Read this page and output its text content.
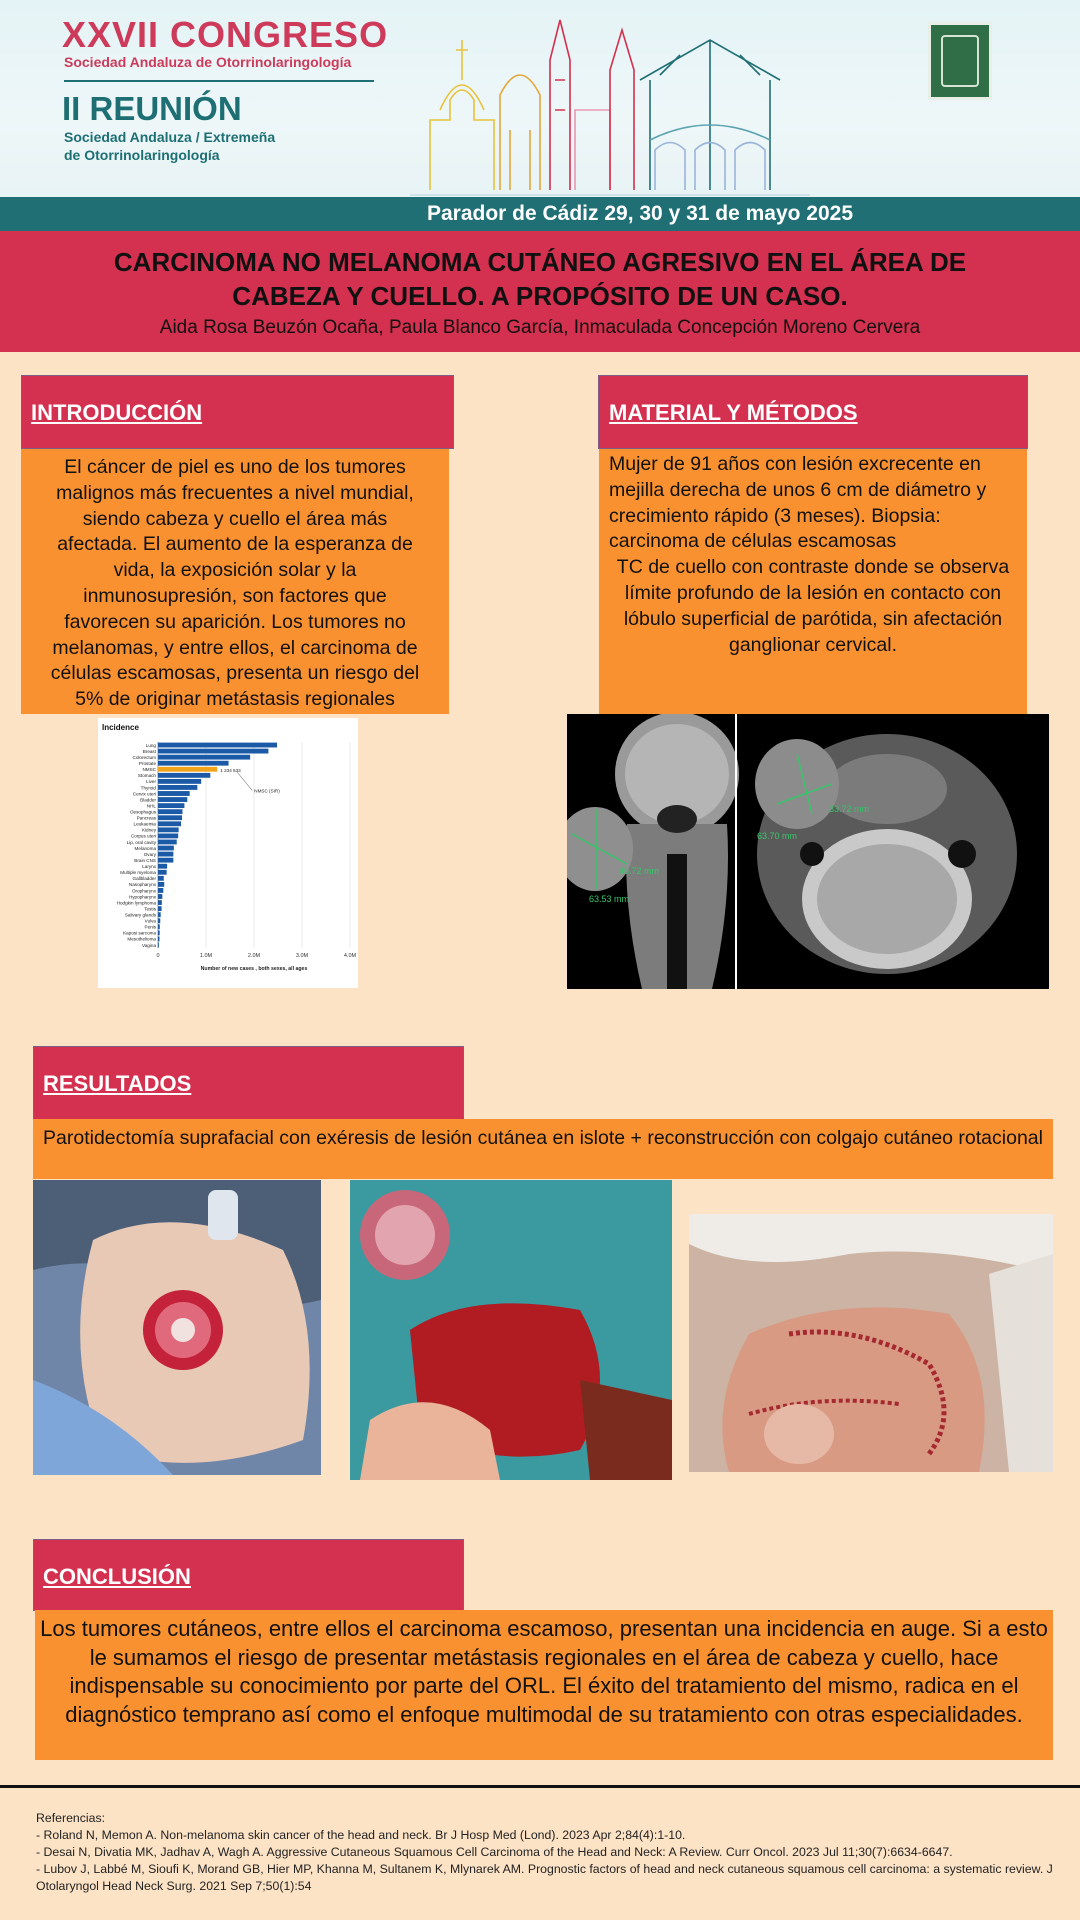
XXVII CONGRESO
Sociedad Andaluza de Otorrinolaringología
II REUNIÓN
Sociedad Andaluza / Extremeña
de Otorrinolaringología
Parador de Cádiz 29, 30 y 31 de mayo 2025
CARCINOMA NO MELANOMA CUTÁNEO AGRESIVO EN EL ÁREA DE
CABEZA Y CUELLO. A PROPÓSITO DE UN CASO.
Aida Rosa Beuzón Ocaña, Paula Blanco García, Inmaculada Concepción Moreno Cervera
INTRODUCCIÓN
El cáncer de piel es uno de los tumores malignos más frecuentes a nivel mundial, siendo cabeza y cuello el área más afectada. El aumento de la esperanza de vida, la exposición solar y la inmunosupresión, son factores que favorecen su aparición. Los tumores no melanomas, y entre ellos, el carcinoma de células escamosas, presenta un riesgo del 5% de originar metástasis regionales
MATERIAL Y MÉTODOS
Mujer de 91 años con lesión excrecente en mejilla derecha de unos 6 cm de diámetro y crecimiento rápido (3 meses). Biopsia: carcinoma de células escamosas
TC de cuello con contraste donde se observa límite profundo de la lesión en contacto con lóbulo superficial de parótida, sin afectación ganglionar cervical.
Incidence
0	1.0M	2.0M	3.0M	4.0M
Lung
Breast
Colorectum
Prostate
NMSC
Stomach
Liver
Thyroid
Cervix uteri
Bladder
NHL
Oesophagus
Pancreas
Leukaemia
Kidney
Corpus uteri
Lip, oral cavity
Melanoma
Ovary
Brain CNS
Larynx
Multiple myeloma
Gallbladder
Nasopharynx
Oropharynx
Hypopharynx
Hodgkin lymphoma
Testis
Salivary glands
Vulva
Penis
Kaposi sarcoma
Mesothelioma
Vagina
1 234 533
NMSC (SIR)
Number of new cases , both sexes, all ages
33.72 mm
63.70 mm
46.72 mm
63.53 mm
RESULTADOS
Parotidectomía suprafacial con exéresis de lesión cutánea en islote + reconstrucción con colgajo cutáneo rotacional
CONCLUSIÓN
Los tumores cutáneos, entre ellos el carcinoma escamoso, presentan una incidencia en auge. Si a esto le sumamos el riesgo de presentar metástasis regionales en el área de cabeza y cuello, hace indispensable su conocimiento por parte del ORL. El éxito del tratamiento del mismo, radica en el diagnóstico temprano así como el enfoque multimodal de su tratamiento con otras especialidades.
Referencias:
- Roland N, Memon A. Non-melanoma skin cancer of the head and neck. Br J Hosp Med (Lond). 2023 Apr 2;84(4):1-10.
- Desai N, Divatia MK, Jadhav A, Wagh A. Aggressive Cutaneous Squamous Cell Carcinoma of the Head and Neck: A Review. Curr Oncol. 2023 Jul 11;30(7):6634-6647.
- Lubov J, Labbé M, Sioufi K, Morand GB, Hier MP, Khanna M, Sultanem K, Mlynarek AM. Prognostic factors of head and neck cutaneous squamous cell carcinoma: a systematic review. J Otolaryngol Head Neck Surg. 2021 Sep 7;50(1):54
